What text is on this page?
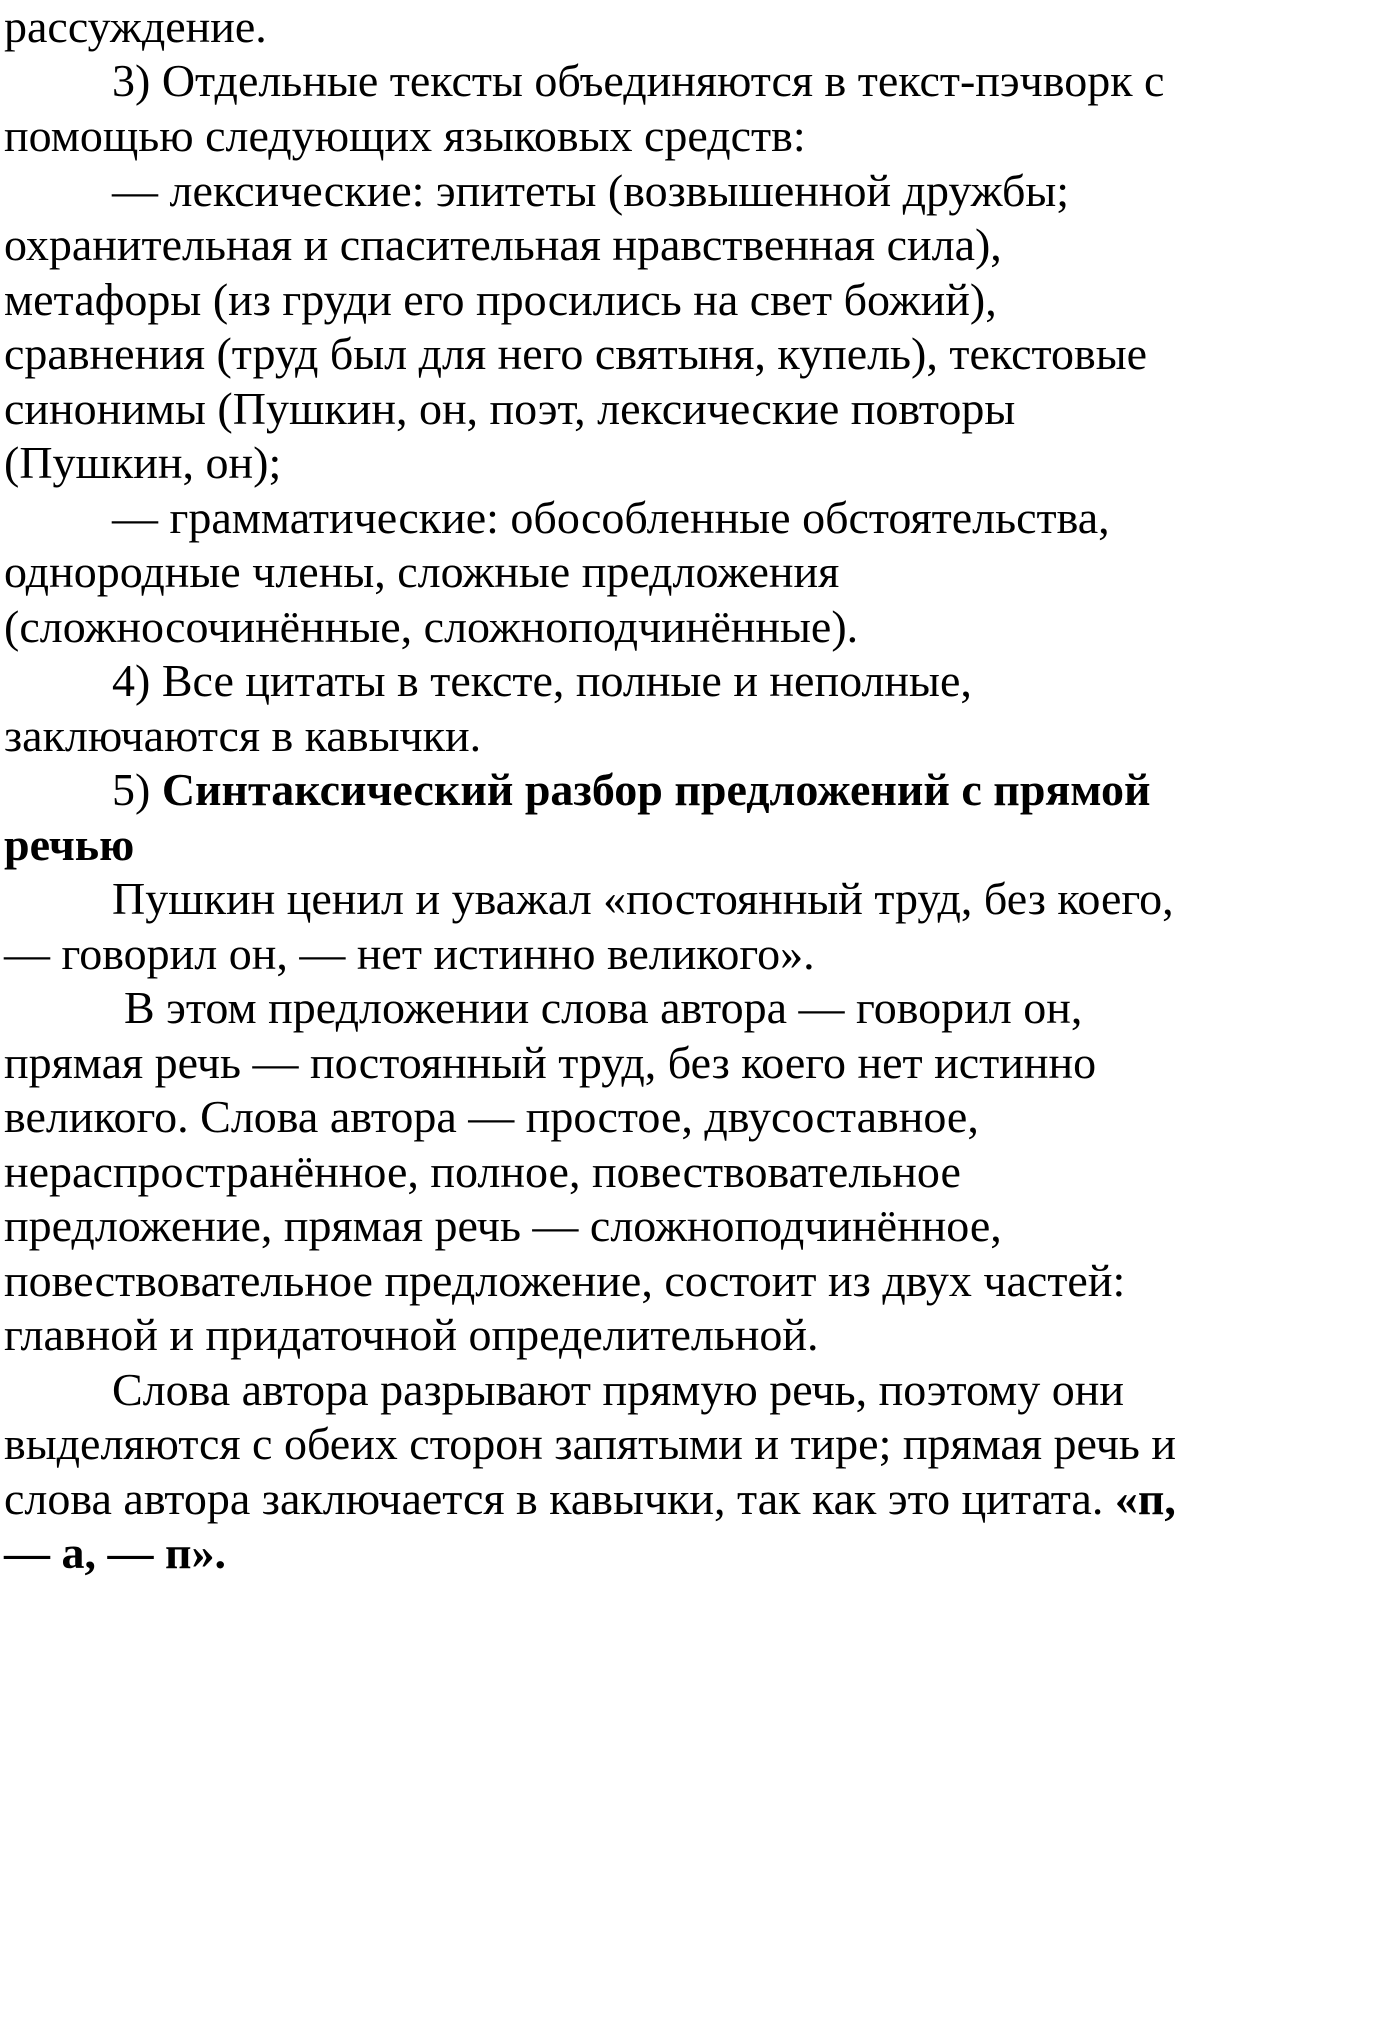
рассуждение.
3) Отдельные тексты объединяются в текст-пэчворк с
помощью следующих языковых средств:
— лексические: эпитеты (возвышенной дружбы;
охранительная и спасительная нравственная сила),
метафоры (из груди его просились на свет божий),
сравнения (труд был для него святыня, купель), текстовые
синонимы (Пушкин, он, поэт, лексические повторы
(Пушкин, он);
— грамматические: обособленные обстоятельства,
однородные члены, сложные предложения
(сложносочинённые, сложноподчинённые).
4) Все цитаты в тексте, полные и неполные,
заключаются в кавычки.
5) Синтаксический разбор предложений с прямой
речью
Пушкин ценил и уважал «постоянный труд, без коего,
— говорил он, — нет истинно великого».
В этом предложении слова автора — говорил он,
прямая речь — постоянный труд, без коего нет истинно
великого. Слова автора — простое, двусоставное,
нераспространённое, полное, повествовательное
предложение, прямая речь — сложноподчинённое,
повествовательное предложение, состоит из двух частей:
главной и придаточной определительной.
Слова автора разрывают прямую речь, поэтому они
выделяются с обеих сторон запятыми и тире; прямая речь и
слова автора заключается в кавычки, так как это цитата. «п,
— а, — п».
